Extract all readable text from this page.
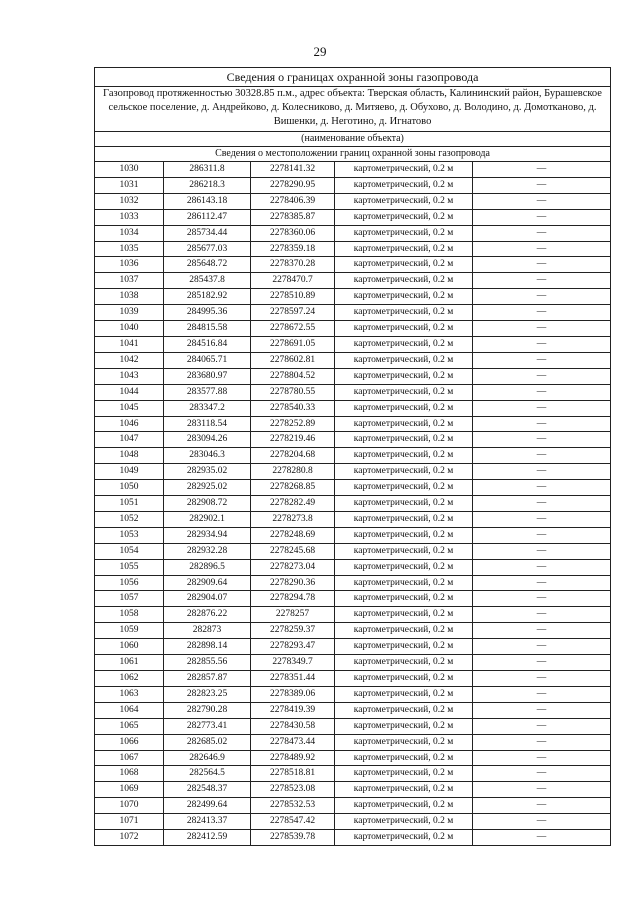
29
Сведения о границах охранной зоны газопровода				
Газопровод протяженностью 30328.85 п.м., адрес объекта: Тверская область, Калининский район, Бурашевское сельское поселение, д. Андрейково, д. Колесниково, д. Митяево, д. Обухово, д. Володино, д. Домотканово, д. Вишенки, д. Неготино, д. Игнатово				
(наименование объекта)				
Сведения о местоположении границ охранной зоны газопровода				
1030	286311.8	2278141.32	картометрический, 0.2 м	—
1031	286218.3	2278290.95	картометрический, 0.2 м	—
1032	286143.18	2278406.39	картометрический, 0.2 м	—
1033	286112.47	2278385.87	картометрический, 0.2 м	—
1034	285734.44	2278360.06	картометрический, 0.2 м	—
1035	285677.03	2278359.18	картометрический, 0.2 м	—
1036	285648.72	2278370.28	картометрический, 0.2 м	—
1037	285437.8	2278470.7	картометрический, 0.2 м	—
1038	285182.92	2278510.89	картометрический, 0.2 м	—
1039	284995.36	2278597.24	картометрический, 0.2 м	—
1040	284815.58	2278672.55	картометрический, 0.2 м	—
1041	284516.84	2278691.05	картометрический, 0.2 м	—
1042	284065.71	2278602.81	картометрический, 0.2 м	—
1043	283680.97	2278804.52	картометрический, 0.2 м	—
1044	283577.88	2278780.55	картометрический, 0.2 м	—
1045	283347.2	2278540.33	картометрический, 0.2 м	—
1046	283118.54	2278252.89	картометрический, 0.2 м	—
1047	283094.26	2278219.46	картометрический, 0.2 м	—
1048	283046.3	2278204.68	картометрический, 0.2 м	—
1049	282935.02	2278280.8	картометрический, 0.2 м	—
1050	282925.02	2278268.85	картометрический, 0.2 м	—
1051	282908.72	2278282.49	картометрический, 0.2 м	—
1052	282902.1	2278273.8	картометрический, 0.2 м	—
1053	282934.94	2278248.69	картометрический, 0.2 м	—
1054	282932.28	2278245.68	картометрический, 0.2 м	—
1055	282896.5	2278273.04	картометрический, 0.2 м	—
1056	282909.64	2278290.36	картометрический, 0.2 м	—
1057	282904.07	2278294.78	картометрический, 0.2 м	—
1058	282876.22	2278257	картометрический, 0.2 м	—
1059	282873	2278259.37	картометрический, 0.2 м	—
1060	282898.14	2278293.47	картометрический, 0.2 м	—
1061	282855.56	2278349.7	картометрический, 0.2 м	—
1062	282857.87	2278351.44	картометрический, 0.2 м	—
1063	282823.25	2278389.06	картометрический, 0.2 м	—
1064	282790.28	2278419.39	картометрический, 0.2 м	—
1065	282773.41	2278430.58	картометрический, 0.2 м	—
1066	282685.02	2278473.44	картометрический, 0.2 м	—
1067	282646.9	2278489.92	картометрический, 0.2 м	—
1068	282564.5	2278518.81	картометрический, 0.2 м	—
1069	282548.37	2278523.08	картометрический, 0.2 м	—
1070	282499.64	2278532.53	картометрический, 0.2 м	—
1071	282413.37	2278547.42	картометрический, 0.2 м	—
1072	282412.59	2278539.78	картометрический, 0.2 м	—
